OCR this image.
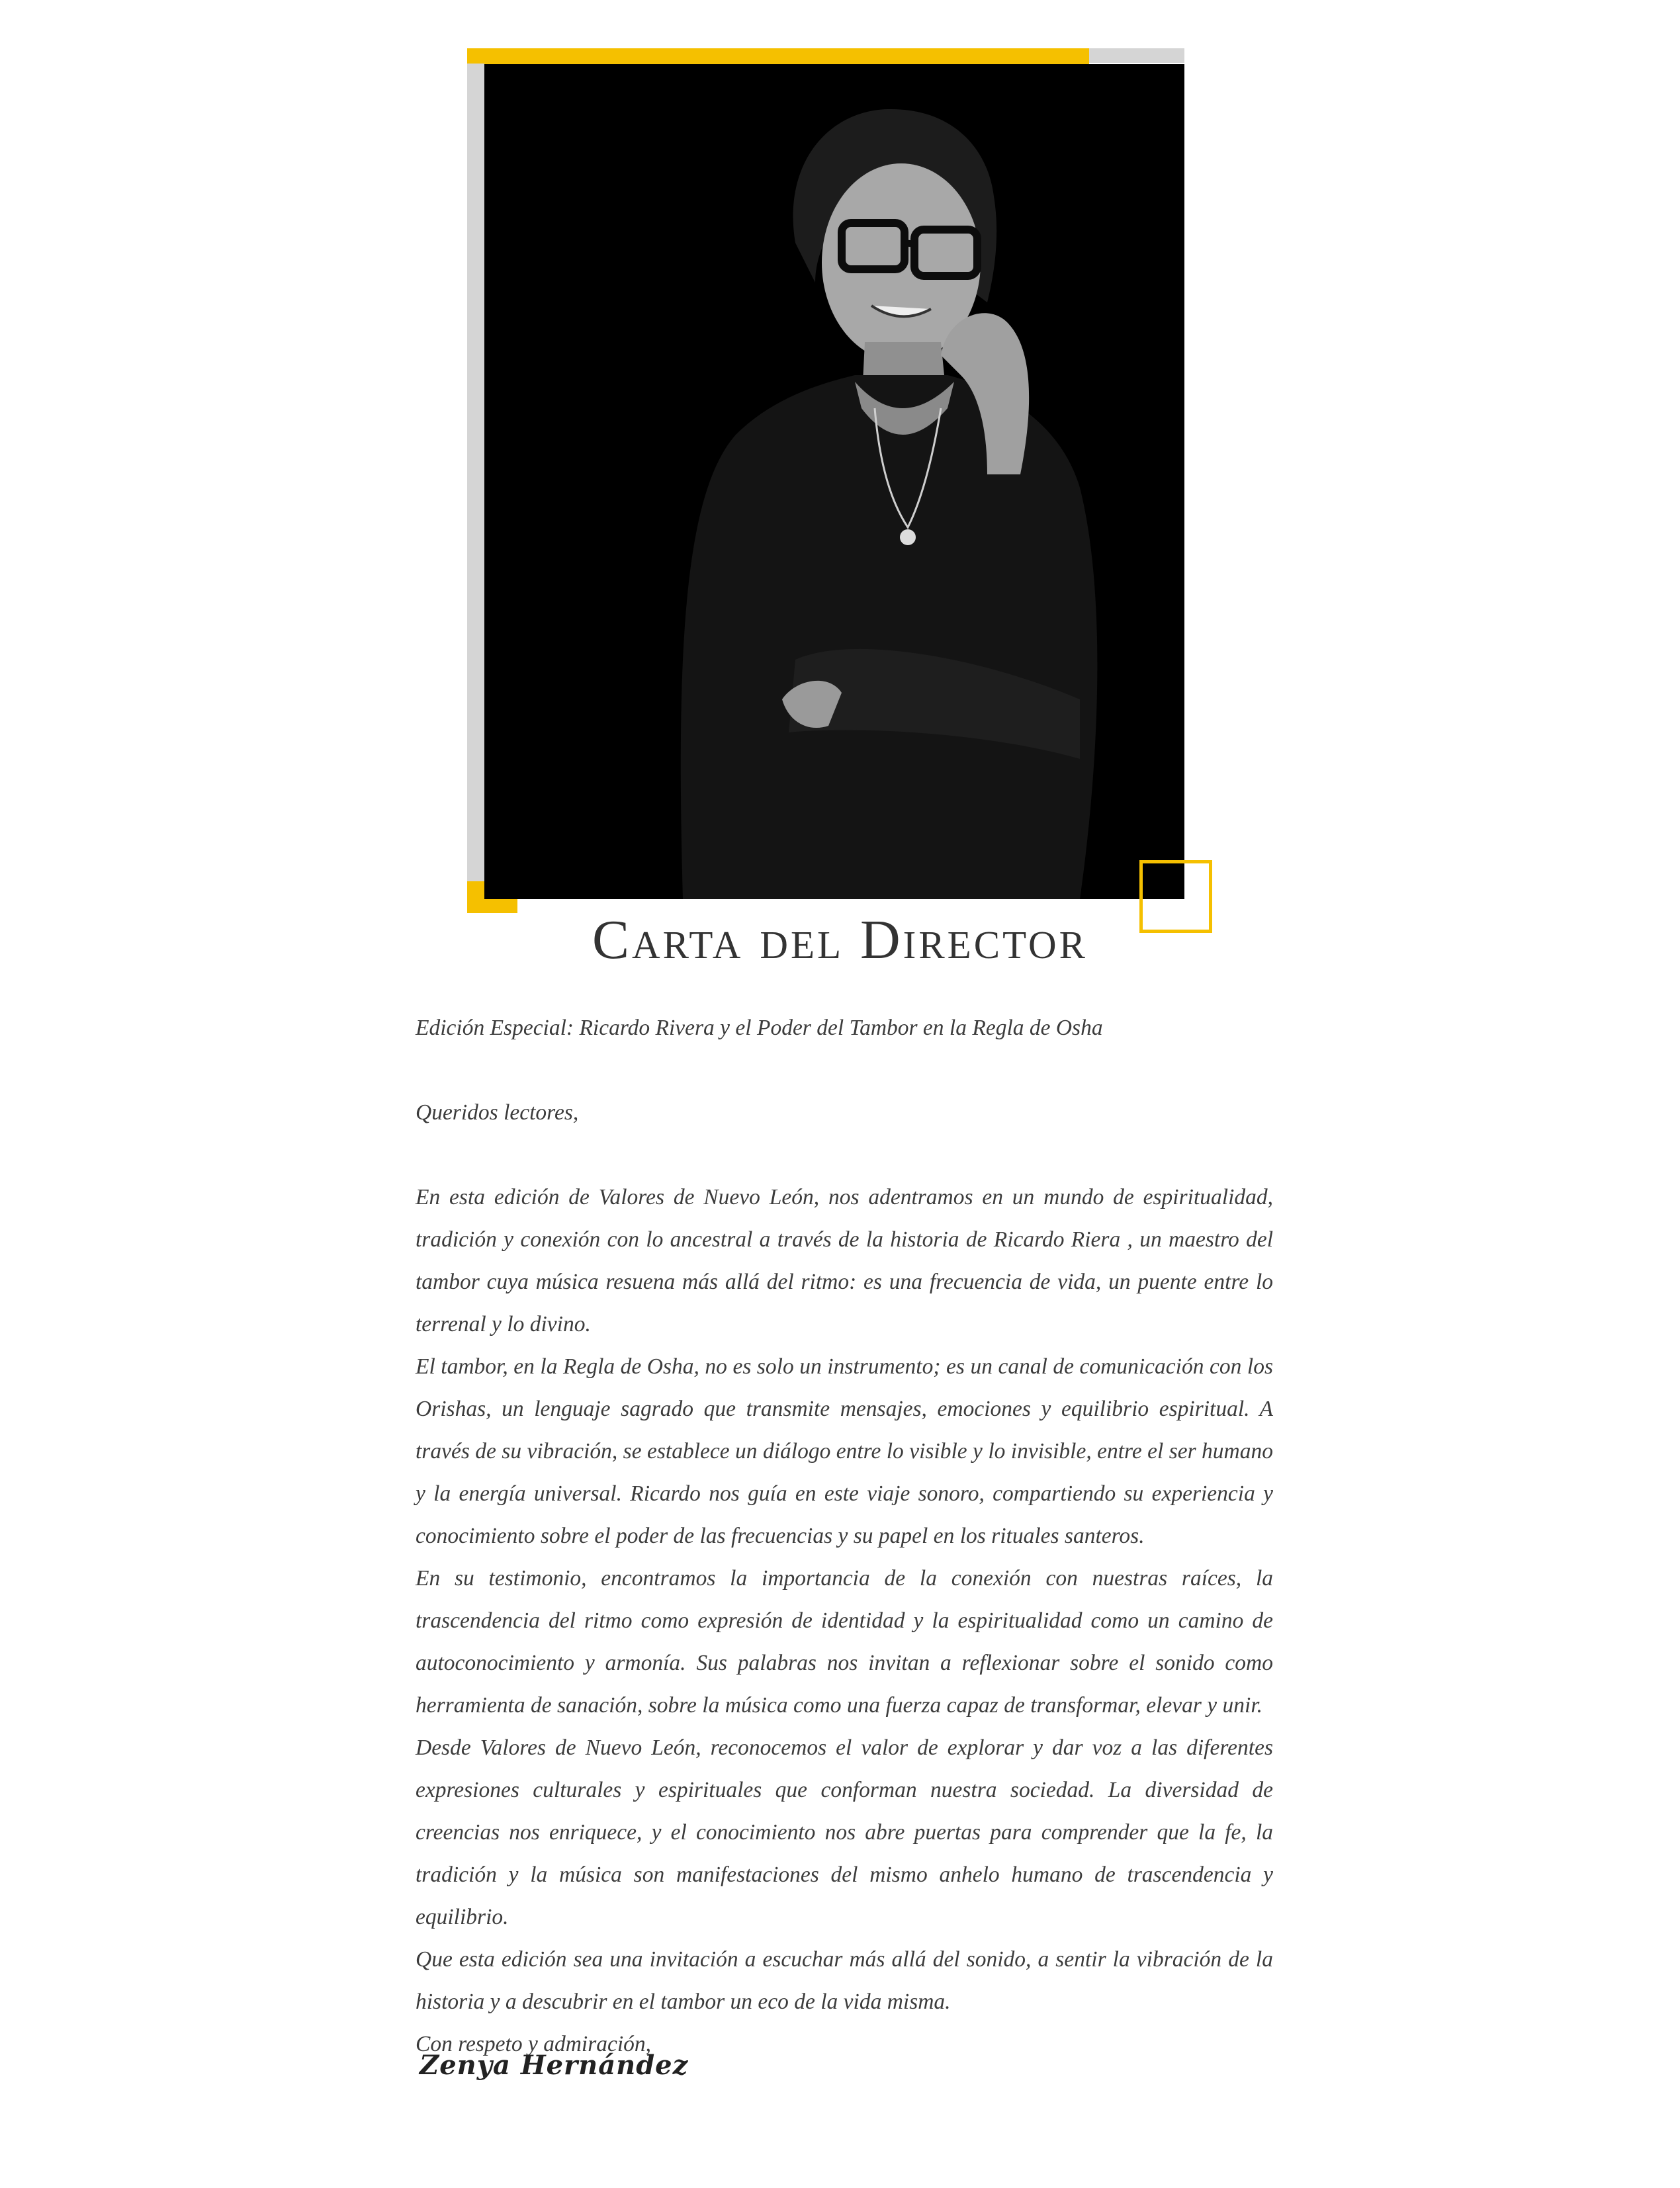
Carta del Director
Edición Especial: Ricardo Rivera y el Poder del Tambor en la Regla de Osha
Queridos lectores,

En esta edición de Valores de Nuevo León, nos adentramos en un mundo de espiritualidad, tradición y conexión con lo ancestral a través de la historia de Ricardo Riera , un maestro del tambor cuya música resuena más allá del ritmo: es una frecuencia de vida, un puente entre lo terrenal y lo divino.

El tambor, en la Regla de Osha, no es solo un instrumento; es un canal de comunicación con los Orishas, un lenguaje sagrado que transmite mensajes, emociones y equilibrio espiritual. A través de su vibración, se establece un diálogo entre lo visible y lo invisible, entre el ser humano y la energía universal. Ricardo nos guía en este viaje sonoro, compartiendo su experiencia y conocimiento sobre el poder de las frecuencias y su papel en los rituales santeros.

En su testimonio, encontramos la importancia de la conexión con nuestras raíces, la trascendencia del ritmo como expresión de identidad y la espiritualidad como un camino de autoconocimiento y armonía. Sus palabras nos invitan a reflexionar sobre el sonido como herramienta de sanación, sobre la música como una fuerza capaz de transformar, elevar y unir.

Desde Valores de Nuevo León, reconocemos el valor de explorar y dar voz a las diferentes expresiones culturales y espirituales que conforman nuestra sociedad. La diversidad de creencias nos enriquece, y el conocimiento nos abre puertas para comprender que la fe, la tradición y la música son manifestaciones del mismo anhelo humano de trascendencia y equilibrio.

Que esta edición sea una invitación a escuchar más allá del sonido, a sentir la vibración de la historia y a descubrir en el tambor un eco de la vida misma.

Con respeto y admiración,

Zenya Hernández
